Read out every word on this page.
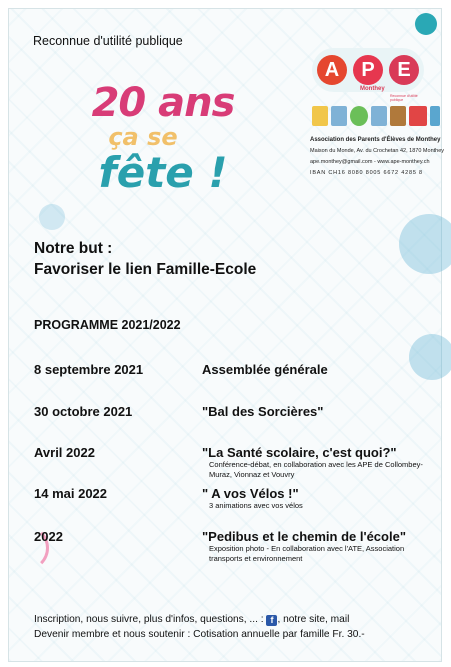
Reconnue d'utilité publique
20 ans
ça se
fête !
A	P	E
Monthey
Reconnue d'utilité publique
Association des Parents d'Élèves de Monthey
Maison du Monde, Av. du Crochetan 42, 1870 Monthey
ape.monthey@gmail.com - www.ape-monthey.ch
IBAN CH16 8080 8005 6672 4285 8
Notre but :
Favoriser le lien Famille-Ecole
PROGRAMME 2021/2022
8 septembre 2021	Assemblée générale
30 octobre 2021	"Bal des Sorcières"
Avril 2022	"La Santé scolaire, c'est quoi?"
Conférence-débat, en collaboration avec les APE de Collombey-Muraz, Vionnaz et Vouvry
14 mai 2022	" A vos Vélos !"
3 animations avec vos vélos
2022	"Pedibus et le chemin de l'école"
Exposition photo - En collaboration avec l'ATE, Association transports et environnement
Inscription, nous suivre, plus d'infos, questions, ... : f , notre site, mail
Devenir membre et nous soutenir : Cotisation annuelle par famille Fr. 30.-
